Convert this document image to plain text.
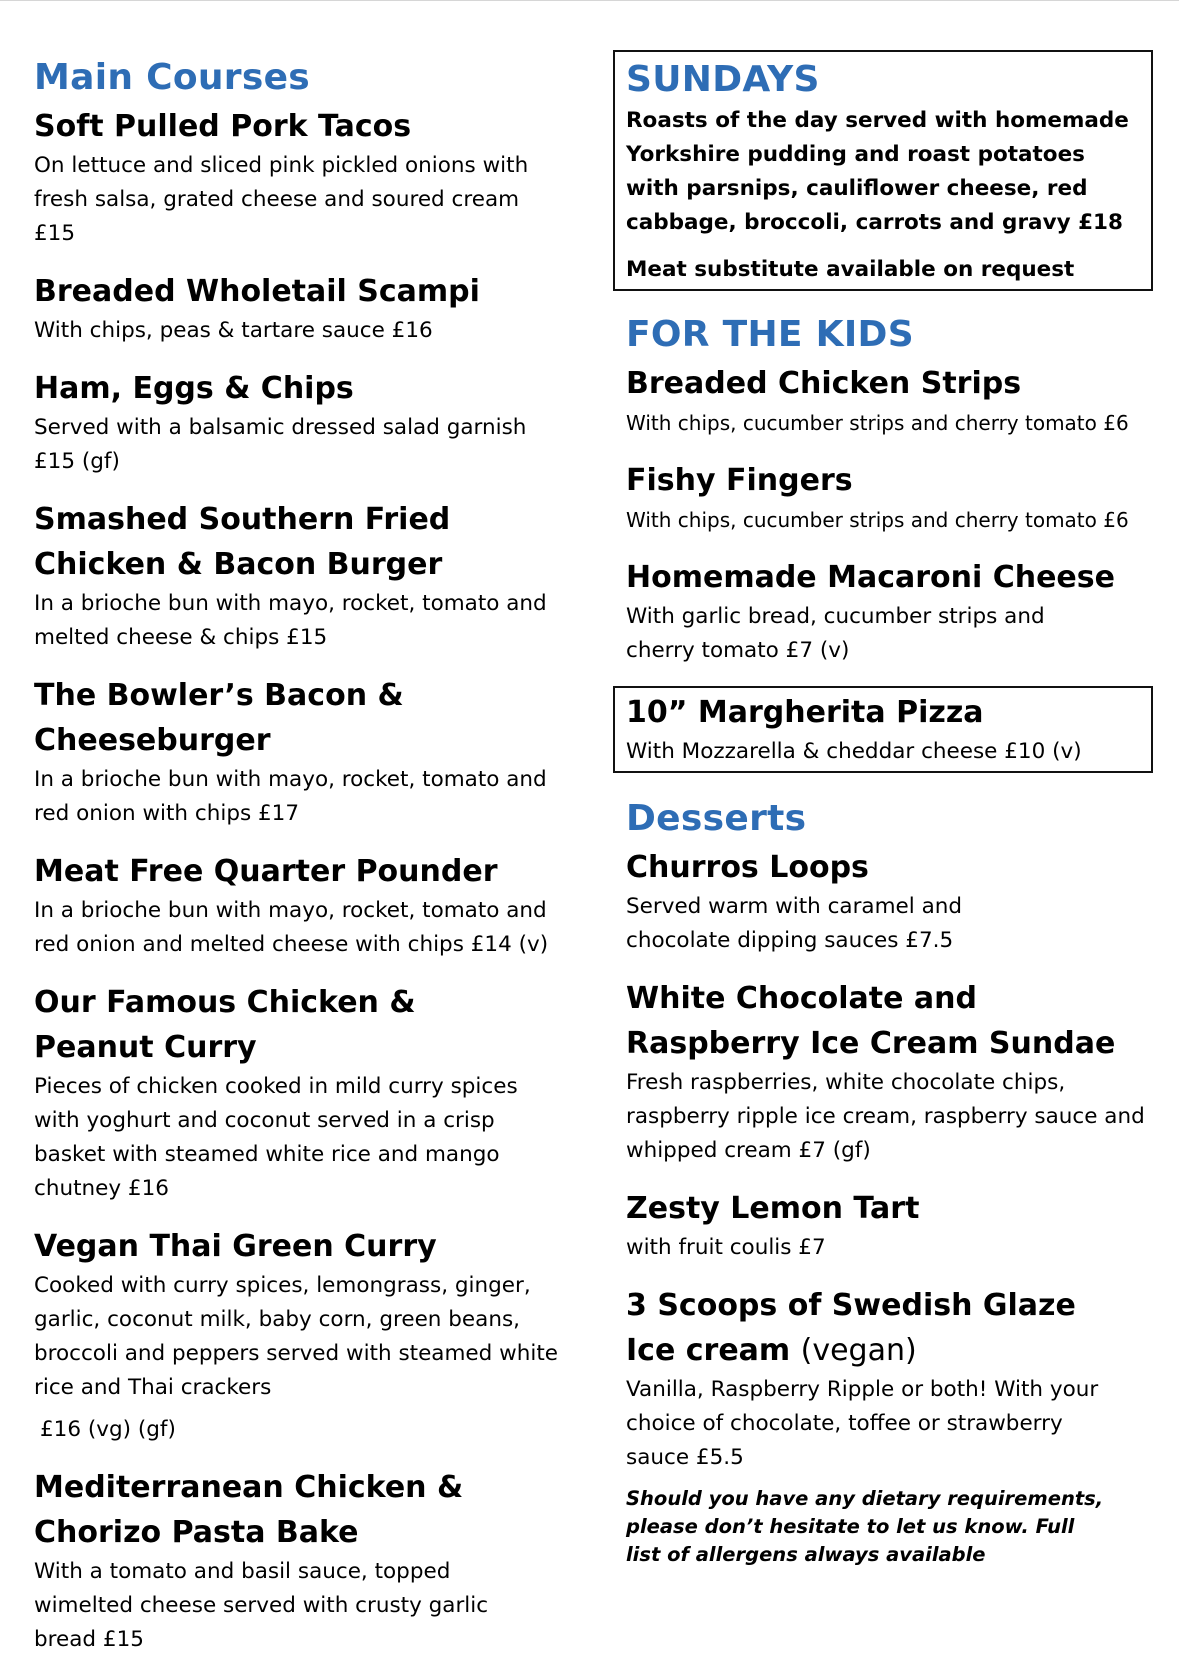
Main Courses
Soft Pulled Pork Tacos

On lettuce and sliced pink pickled onions with fresh salsa, grated cheese and soured cream £15

Breaded Wholetail Scampi

With chips, peas & tartare sauce £16

Ham, Eggs & Chips

Served with a balsamic dressed salad garnish £15 (gf)

Smashed Southern Fried Chicken & Bacon Burger

In a brioche bun with mayo, rocket, tomato and melted cheese & chips £15

The Bowler’s Bacon & Cheeseburger

In a brioche bun with mayo, rocket, tomato and red onion with chips £17

Meat Free Quarter Pounder

In a brioche bun with mayo, rocket, tomato and red onion and melted cheese with chips £14 (v)

Our Famous Chicken & Peanut Curry

Pieces of chicken cooked in mild curry spices with yoghurt and coconut served in a crisp basket with steamed white rice and mango chutney £16

Vegan Thai Green Curry

Cooked with curry spices, lemongrass, ginger, garlic, coconut milk, baby corn, green beans, broccoli and peppers served with steamed white rice and Thai crackers

£16 (vg) (gf)

Mediterranean Chicken & Chorizo Pasta Bake

With a tomato and basil sauce, topped wimelted cheese served with crusty garlic bread £15

SUNDAYS

Roasts of the day served with homemade Yorkshire pudding and roast potatoes with parsnips, cauliflower cheese, red cabbage, broccoli, carrots and gravy £18

Meat substitute available on request

FOR THE KIDS
Breaded Chicken Strips

With chips, cucumber strips and cherry tomato £6

Fishy Fingers

With chips, cucumber strips and cherry tomato £6

Homemade Macaroni Cheese

With garlic bread, cucumber strips and cherry tomato £7 (v)

10” Margherita Pizza

With Mozzarella & cheddar cheese £10 (v)

Desserts
Churros Loops

Served warm with caramel and chocolate dipping sauces £7.5

White Chocolate and Raspberry Ice Cream Sundae

Fresh raspberries, white chocolate chips, raspberry ripple ice cream, raspberry sauce and whipped cream £7 (gf)

Zesty Lemon Tart

with fruit coulis £7

3 Scoops of Swedish Glaze
Ice cream (vegan)

Vanilla, Raspberry Ripple or both! With your choice of chocolate, toffee or strawberry sauce £5.5

Should you have any dietary requirements, please don’t hesitate to let us know. Full list of allergens always available
